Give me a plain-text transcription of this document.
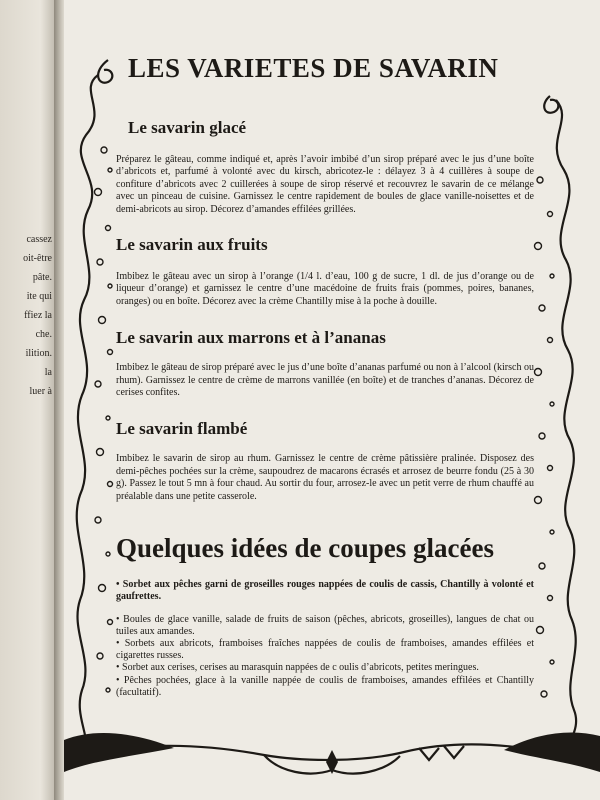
cassez
oit-être
pâte.
ite qui
ffiez la
che.
ilition.
la
luer à
LES VARIETES DE SAVARIN
Le savarin glacé

Préparez le gâteau, comme indiqué et, après l’avoir imbibé d’un sirop préparé avec le jus d’une boîte d’abricots et, parfumé à volonté avec du kirsch, abricotez-le : délayez 3 à 4 cuillères à soupe de confiture d’abricots avec 2 cuillerées à soupe de sirop réservé et recouvrez le savarin de ce mélange avec un pinceau de cuisine. Garnissez le centre rapidement de boules de glace vanille-noisettes et de demi-abricots au sirop. Décorez d’amandes effilées grillées.

Le savarin aux fruits

Imbibez le gâteau avec un sirop à l’orange (1/4 l. d’eau, 100 g de sucre, 1 dl. de jus d’orange ou de liqueur d’orange) et garnissez le centre d’une macédoine de fruits frais (pommes, poires, bananes, oranges) ou en boîte. Décorez avec la crème Chantilly mise à la poche à douille.

Le savarin aux marrons et à l’ananas

Imbibez le gâteau de sirop préparé avec le jus d’une boîte d’ananas parfumé ou non à l’alcool (kirsch ou rhum). Garnissez le centre de crème de marrons vanillée (en boîte) et de tranches d’ananas. Décorez de cerises confites.

Le savarin flambé

Imbibez le savarin de sirop au rhum. Garnissez le centre de crème pâtissière pralinée. Disposez des demi-pêches pochées sur la crème, saupoudrez de macarons écrasés et arrosez de beurre fondu (25 à 30 g). Passez le tout 5 mn à four chaud. Au sortir du four, arrosez-le avec un petit verre de rhum chauffé au préalable dans une petite casserole.

Quelques idées de coupes glacées

• Sorbet aux pêches garni de groseilles rouges nappées de coulis de cassis, Chantilly à volonté et gaufrettes.

• Boules de glace vanille, salade de fruits de saison (pêches, abricots, groseilles), langues de chat ou tuiles aux amandes.

• Sorbets aux abricots, framboises fraîches nappées de coulis de framboises, amandes effilées et cigarettes russes.

• Sorbet aux cerises, cerises au marasquin nappées de c oulis d’abricots, petites meringues.

• Pêches pochées, glace à la vanille nappée de coulis de framboises, amandes effilées et Chantilly (facultatif).
